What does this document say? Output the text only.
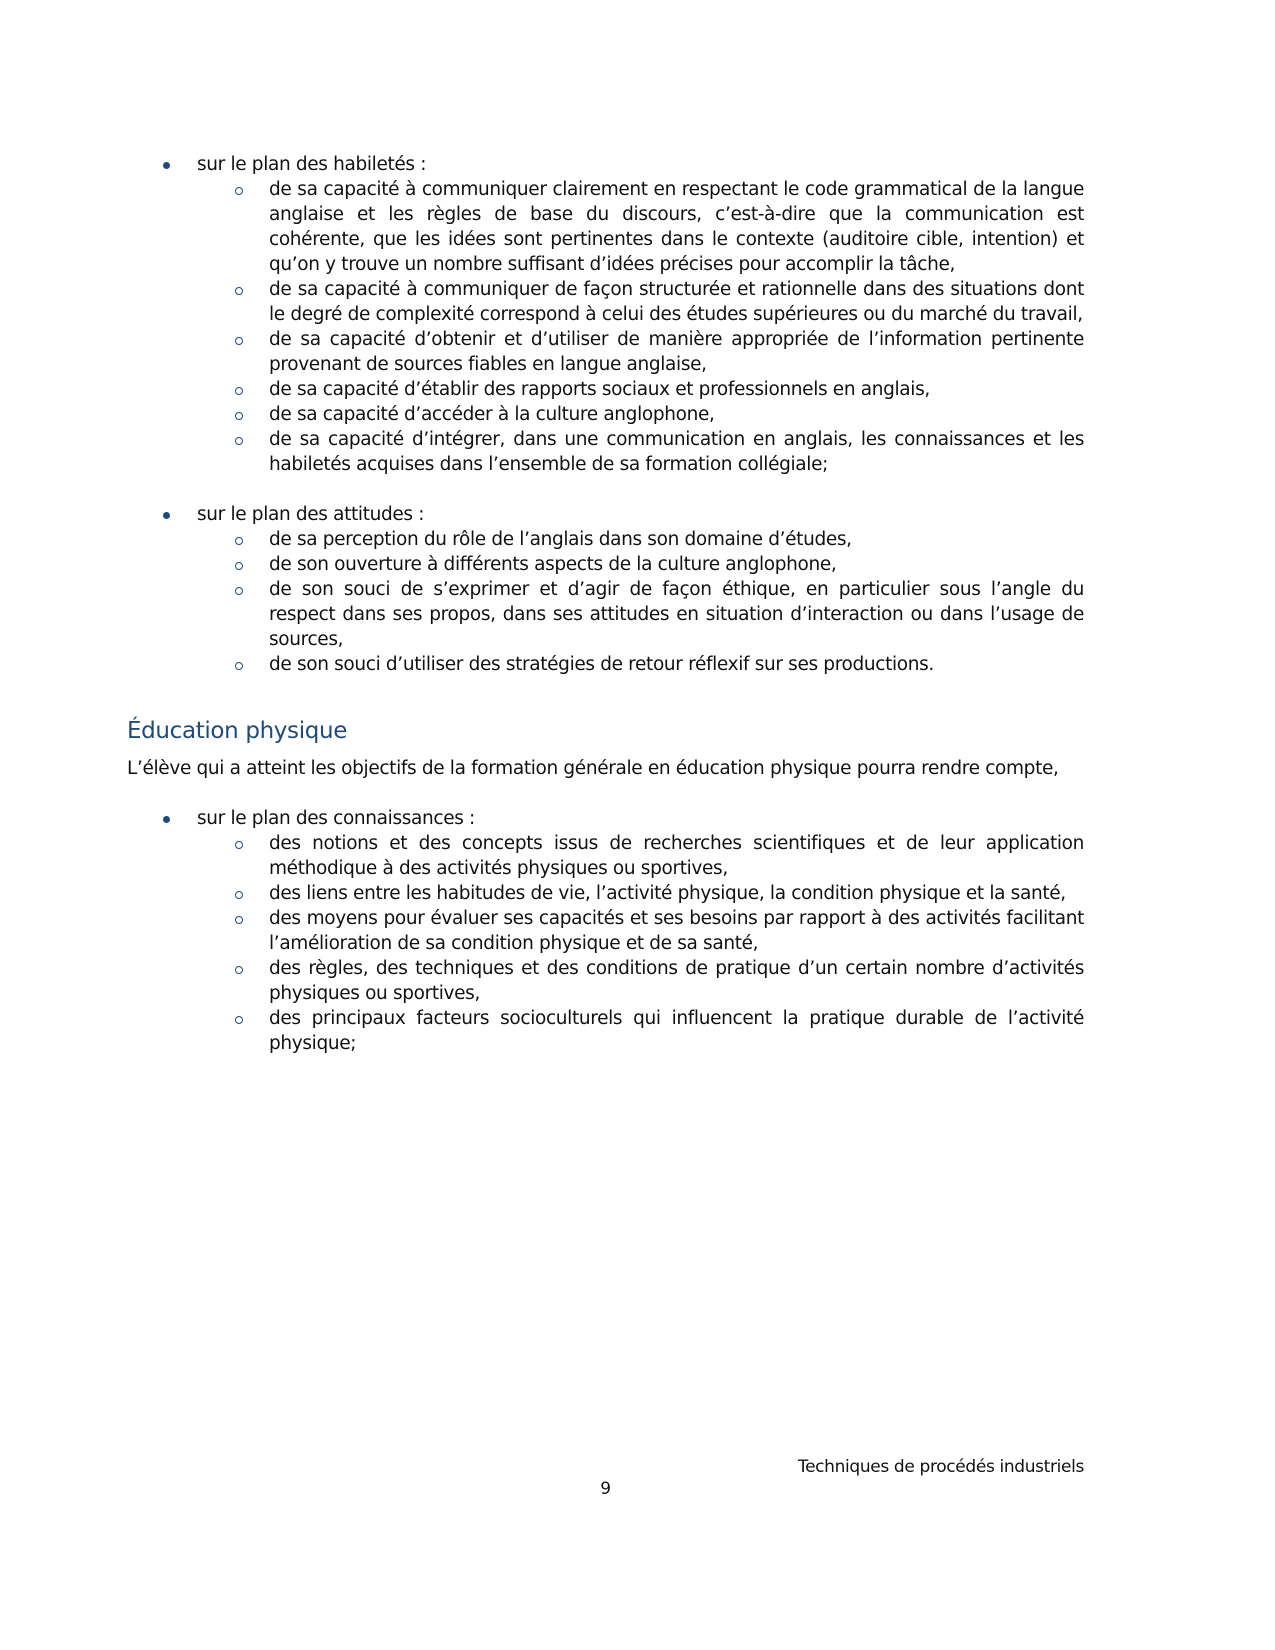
sur le plan des habiletés :

de sa capacité à communiquer clairement en respectant le code grammatical de la langue anglaise et les règles de base du discours, c’est-à-dire que la communication est cohérente, que les idées sont pertinentes dans le contexte (auditoire cible, intention) et qu’on y trouve un nombre suffisant d’idées précises pour accomplir la tâche,
de sa capacité à communiquer de façon structurée et rationnelle dans des situations dont le degré de complexité correspond à celui des études supérieures ou du marché du travail,
de sa capacité d’obtenir et d’utiliser de manière appropriée de l’information pertinente provenant de sources fiables en langue anglaise,
de sa capacité d’établir des rapports sociaux et professionnels en anglais,
de sa capacité d’accéder à la culture anglophone,
de sa capacité d’intégrer, dans une communication en anglais, les connaissances et les habiletés acquises dans l’ensemble de sa formation collégiale;

sur le plan des attitudes :

de sa perception du rôle de l’anglais dans son domaine d’études,
de son ouverture à différents aspects de la culture anglophone,
de son souci de s’exprimer et d’agir de façon éthique, en particulier sous l’angle du respect dans ses propos, dans ses attitudes en situation d’interaction ou dans l’usage de sources,
de son souci d’utiliser des stratégies de retour réflexif sur ses productions.
Éducation physique

L’élève qui a atteint les objectifs de la formation générale en éducation physique pourra rendre compte,

sur le plan des connaissances :

des notions et des concepts issus de recherches scientifiques et de leur application méthodique à des activités physiques ou sportives,
des liens entre les habitudes de vie, l’activité physique, la condition physique et la santé,
des moyens pour évaluer ses capacités et ses besoins par rapport à des activités facilitant l’amélioration de sa condition physique et de sa santé,
des règles, des techniques et des conditions de pratique d’un certain nombre d’activités physiques ou sportives,
des principaux facteurs socioculturels qui influencent la pratique durable de l’activité physique;
Techniques de procédés industriels
9
